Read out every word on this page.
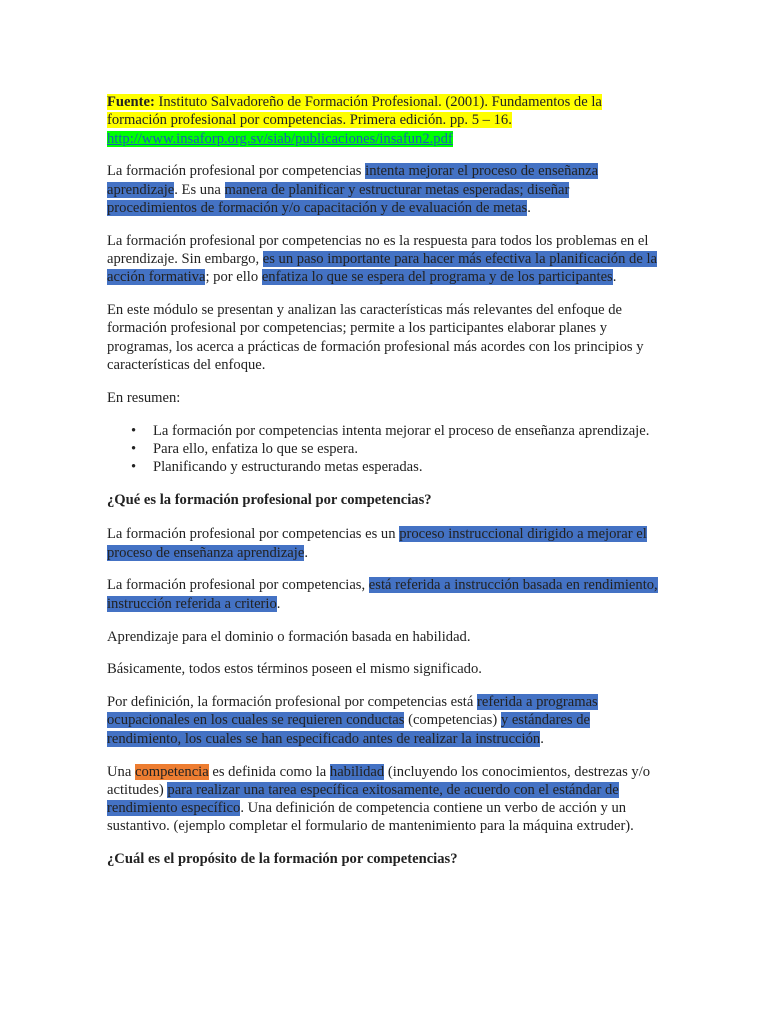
Fuente: Instituto Salvadoreño de Formación Profesional. (2001). Fundamentos de la formación profesional por competencias. Primera edición. pp. 5 – 16.
http://www.insaforp.org.sv/siab/publicaciones/insafun2.pdf

La formación profesional por competencias intenta mejorar el proceso de enseñanza aprendizaje. Es una manera de planificar y estructurar metas esperadas; diseñar procedimientos de formación y/o capacitación y de evaluación de metas.

La formación profesional por competencias no es la respuesta para todos los problemas en el aprendizaje. Sin embargo, es un paso importante para hacer más efectiva la planificación de la acción formativa; por ello enfatiza lo que se espera del programa y de los participantes.

En este módulo se presentan y analizan las características más relevantes del enfoque de formación profesional por competencias; permite a los participantes elaborar planes y programas, los acerca a prácticas de formación profesional más acordes con los principios y características del enfoque.

En resumen:

• La formación por competencias intenta mejorar el proceso de enseñanza aprendizaje.
• Para ello, enfatiza lo que se espera.
• Planificando y estructurando metas esperadas.

¿Qué es la formación profesional por competencias?

La formación profesional por competencias es un proceso instruccional dirigido a mejorar el proceso de enseñanza aprendizaje.

La formación profesional por competencias, está referida a instrucción basada en rendimiento, instrucción referida a criterio.

Aprendizaje para el dominio o formación basada en habilidad.

Básicamente, todos estos términos poseen el mismo significado.

Por definición, la formación profesional por competencias está referida a programas ocupacionales en los cuales se requieren conductas (competencias) y estándares de rendimiento, los cuales se han especificado antes de realizar la instrucción.

Una competencia es definida como la habilidad (incluyendo los conocimientos, destrezas y/o actitudes) para realizar una tarea específica exitosamente, de acuerdo con el estándar de rendimiento específico. Una definición de competencia contiene un verbo de acción y un sustantivo. (ejemplo completar el formulario de mantenimiento para la máquina extruder).

¿Cuál es el propósito de la formación por competencias?
